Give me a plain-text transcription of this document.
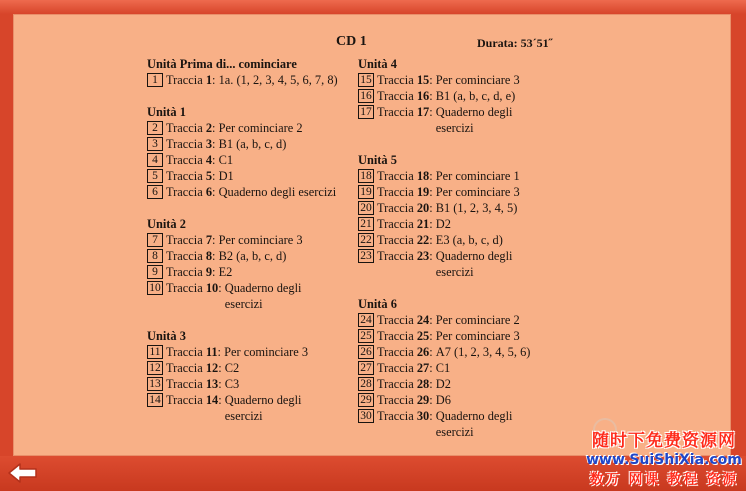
CD 1	Durata: 53´51˝
Unità Prima di... cominciare
1 Traccia 1: 1a. (1, 2, 3, 4, 5, 6, 7, 8)
Unità 1
2 Traccia 2: Per cominciare 2
3 Traccia 3: B1 (a, b, c, d)
4 Traccia 4: C1
5 Traccia 5: D1
6 Traccia 6: Quaderno degli esercizi
Unità 2
7 Traccia 7: Per cominciare 3
8 Traccia 8: B2 (a, b, c, d)
9 Traccia 9: E2
10 Traccia 10: Quaderno degli esercizi
Unità 3
11 Traccia 11: Per cominciare 3
12 Traccia 12: C2
13 Traccia 13: C3
14 Traccia 14: Quaderno degli esercizi
Unità 4
15 Traccia 15: Per cominciare 3
16 Traccia 16: B1 (a, b, c, d, e)
17 Traccia 17: Quaderno degli esercizi
Unità 5
18 Traccia 18: Per cominciare 1
19 Traccia 19: Per cominciare 3
20 Traccia 20: B1 (1, 2, 3, 4, 5)
21 Traccia 21: D2
22 Traccia 22: E3 (a, b, c, d)
23 Traccia 23: Quaderno degli esercizi
Unità 6
24 Traccia 24: Per cominciare 2
25 Traccia 25: Per cominciare 3
26 Traccia 26: A7 (1, 2, 3, 4, 5, 6)
27 Traccia 27: C1
28 Traccia 28: D2
29 Traccia 29: D6
30 Traccia 30: Quaderno degli esercizi	随时下免费资源网
www.SuiShiXia.com
数万 网课 教程 资源
